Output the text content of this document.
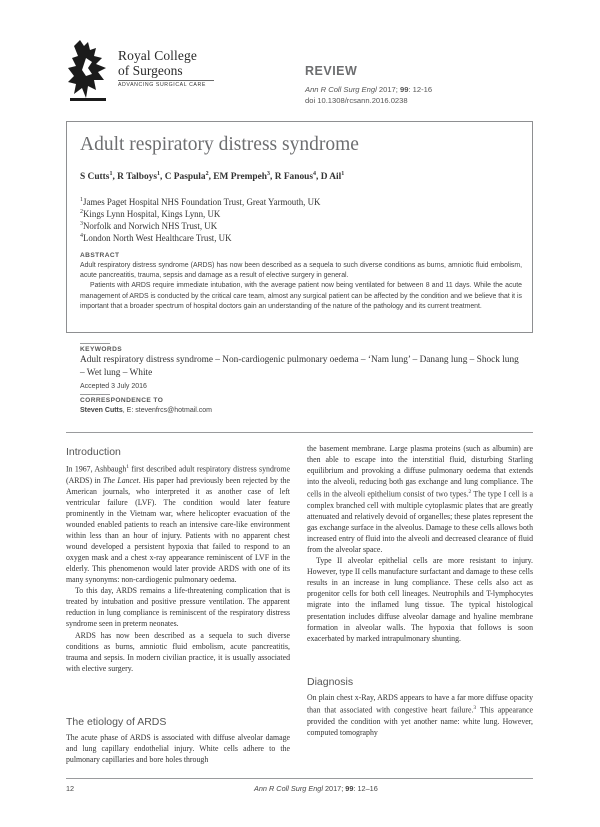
Royal College
of Surgeons
ADVANCING SURGICAL CARE
REVIEW
Ann R Coll Surg Engl 2017; 99: 12-16
doi 10.1308/rcsann.2016.0238
Adult respiratory distress syndrome
S Cutts$^1$, R Talboys$^1$, C Paspula$^2$, EM Prempeh$^3$, R Fanous$^4$, D Ail$^1$
$^1$James Paget Hospital NHS Foundation Trust, Great Yarmouth, UK
$^2$Kings Lynn Hospital, Kings Lynn, UK
$^3$Norfolk and Norwich NHS Trust, UK
$^4$London North West Healthcare Trust, UK
ABSTRACT

Adult respiratory distress syndrome (ARDS) has now been described as a sequela to such diverse conditions as burns, amniotic fluid embolism, acute pancreatitis, trauma, sepsis and damage as a result of elective surgery in general.

Patients with ARDS require immediate intubation, with the average patient now being ventilated for between 8 and 11 days. While the acute management of ARDS is conducted by the critical care team, almost any surgical patient can be affected by the condition and we believe that it is important that a broader spectrum of hospital doctors gain an understanding of the nature of the pathology and its current treatment.

KEYWORDS
Adult respiratory distress syndrome – Non-cardiogenic pulmonary oedema – ‘Nam lung’ – Danang lung – Shock lung – Wet lung – White
Accepted 3 July 2016
CORRESPONDENCE TO
Steven Cutts, E: stevenfrcs@hotmail.com
Introduction

In 1967, Ashbaugh$^1$ first described adult respiratory distress syndrome (ARDS) in The Lancet. His paper had previously been rejected by the American journals, who interpreted it as another case of left ventricular failure (LVF). The condition would later feature prominently in the Vietnam war, where helicopter evacuation of the wounded enabled patients to reach an intensive care-like environment within less than an hour of injury. Patients with no apparent chest wound developed a persistent hypoxia that failed to respond to an oxygen mask and a chest x-ray appearance reminiscent of LVF in the elderly. This phenomenon would later provide ARDS with one of its many synonyms: non-cardiogenic pulmonary oedema.

To this day, ARDS remains a life-threatening complication that is treated by intubation and positive pressure ventilation. The apparent reduction in lung compliance is reminiscent of the respiratory distress syndrome seen in preterm neonates.

ARDS has now been described as a sequela to such diverse conditions as burns, amniotic fluid embolism, acute pancreatitis, trauma and sepsis. In modern civilian practice, it is usually associated with elective surgery.

The etiology of ARDS

The acute phase of ARDS is associated with diffuse alveolar damage and lung capillary endothelial injury. White cells adhere to the pulmonary capillaries and bore holes through

the basement membrane. Large plasma proteins (such as albumin) are then able to escape into the interstitial fluid, disturbing Starling equilibrium and provoking a diffuse pulmonary oedema that extends into the alveoli, reducing both gas exchange and lung compliance. The cells in the alveoli epithelium consist of two types.$^2$ The type I cell is a complex branched cell with multiple cytoplasmic plates that are greatly attenuated and relatively devoid of organelles; these plates represent the gas exchange surface in the alveolus. Damage to these cells allows both increased entry of fluid into the alveoli and decreased clearance of fluid from the alveolar space.

Type II alveolar epithelial cells are more resistant to injury. However, type II cells manufacture surfactant and damage to these cells results in an increase in lung compliance. These cells also act as progenitor cells for both cell lineages. Neutrophils and T-lymphocytes migrate into the inflamed lung tissue. The typical histological presentation includes diffuse alveolar damage and hyaline membrane formation in alveolar walls. The hypoxia that follows is soon exacerbated by marked intrapulmonary shunting.

Diagnosis

On plain chest x-Ray, ARDS appears to have a far more diffuse opacity than that associated with congestive heart failure.$^3$ This appearance provided the condition with yet another name: white lung. However, computed tomography

12	Ann R Coll Surg Engl 2017; 99: 12–16
